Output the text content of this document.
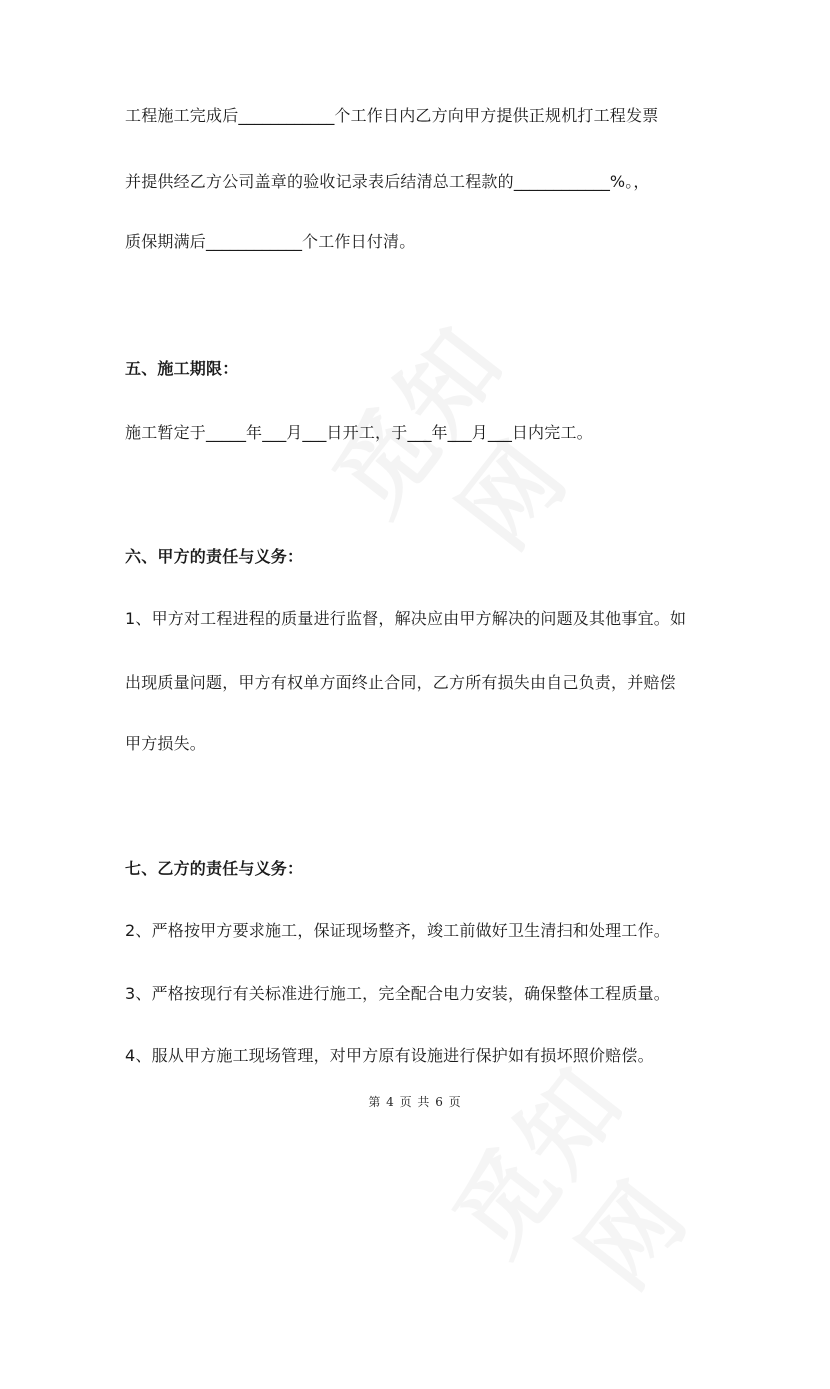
工程施工完成后____________个工作日内乙方向甲方提供正规机打工程发票
并提供经乙方公司盖章的验收记录表后结清总工程款的____________%。，
质保期满后____________个工作日付清。
五、施工期限：
施工暂定于_____年___月___日开工，于___年___月___日内完工。
六、甲方的责任与义务：
1、甲方对工程进程的质量进行监督，解决应由甲方解决的问题及其他事宜。如
出现质量问题，甲方有权单方面终止合同，乙方所有损失由自己负责，并赔偿
甲方损失。
七、乙方的责任与义务：
2、严格按甲方要求施工，保证现场整齐，竣工前做好卫生清扫和处理工作。
3、严格按现行有关标准进行施工，完全配合电力安装，确保整体工程质量。
4、服从甲方施工现场管理，对甲方原有设施进行保护如有损坏照价赔偿。
第 4 页 共 6 页
